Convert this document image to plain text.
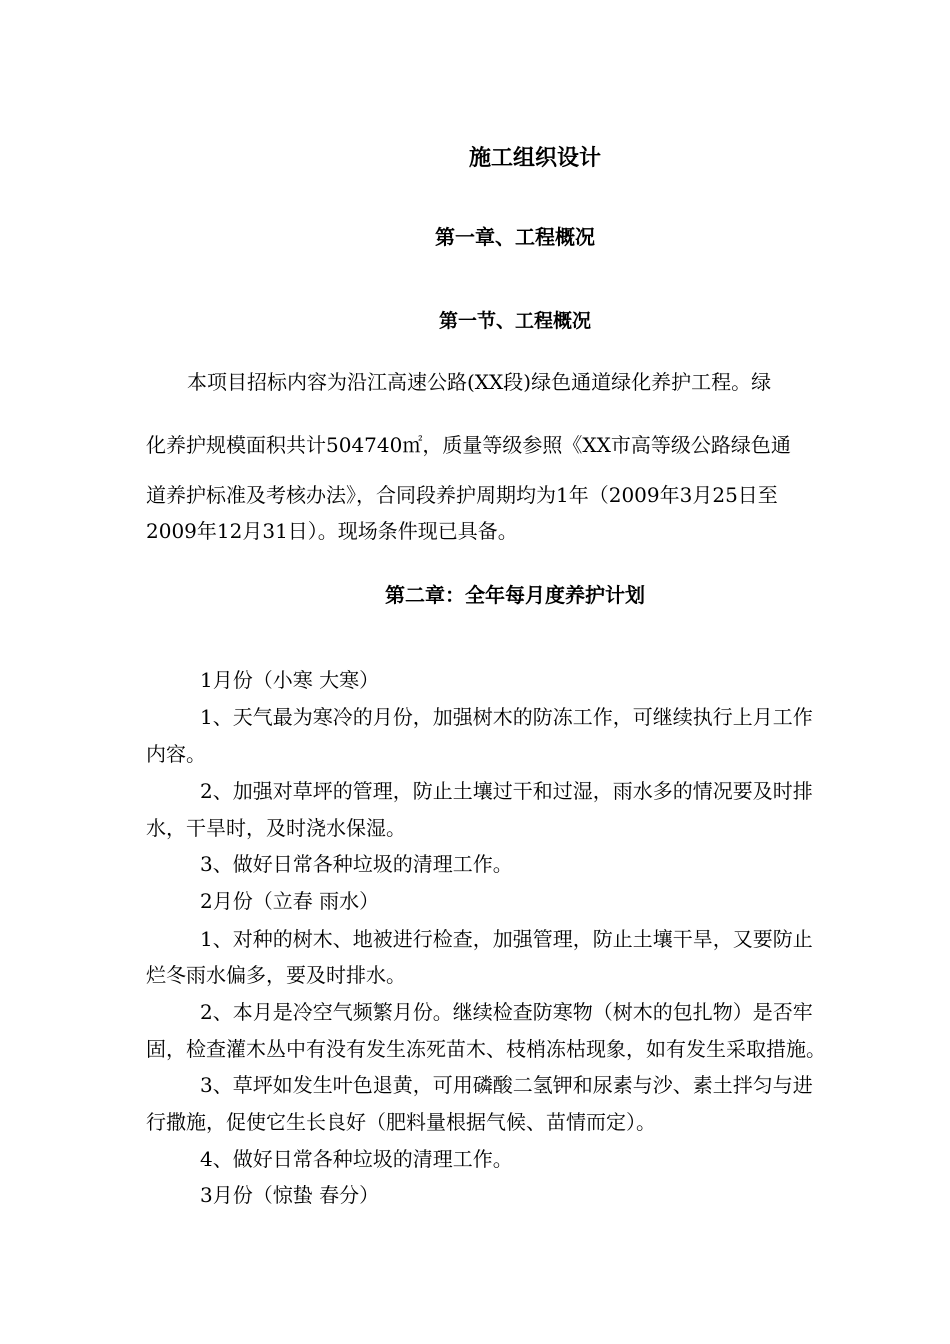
施工组织设计
第一章、工程概况
第一节、工程概况

本项目招标内容为沿江高速公路(XX段)绿色通道绿化养护工程。绿

化养护规模面积共计504740㎡，质量等级参照《XX市高等级公路绿色通

道养护标准及考核办法》，合同段养护周期均为1年（2009年3月25日至

2009年12月31日）。现场条件现已具备。

第二章：全年每月度养护计划

1月份（小寒 大寒）

1、天气最为寒冷的月份，加强树木的防冻工作，可继续执行上月工作

内容。

2、加强对草坪的管理，防止土壤过干和过湿，雨水多的情况要及时排

水，干旱时，及时浇水保湿。

3、做好日常各种垃圾的清理工作。

2月份（立春 雨水）

1、对种的树木、地被进行检查，加强管理，防止土壤干旱，又要防止

烂冬雨水偏多，要及时排水。

2、本月是冷空气频繁月份。继续检查防寒物（树木的包扎物）是否牢

固，检查灌木丛中有没有发生冻死苗木、枝梢冻枯现象，如有发生采取措施。

3、草坪如发生叶色退黄，可用磷酸二氢钾和尿素与沙、素土拌匀与进

行撒施，促使它生长良好（肥料量根据气候、苗情而定）。

4、做好日常各种垃圾的清理工作。

3月份（惊蛰 春分）
